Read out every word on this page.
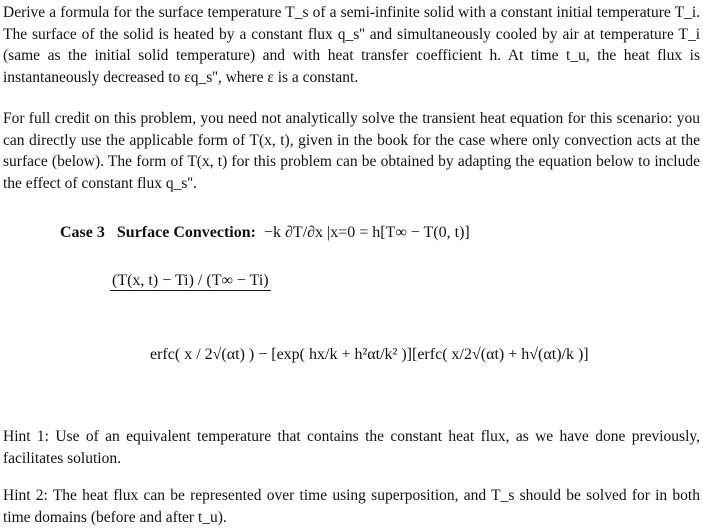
Derive a formula for the surface temperature T_s of a semi-infinite solid with a constant initial temperature T_i. The surface of the solid is heated by a constant flux q_s'' and simultaneously cooled by air at temperature T_i (same as the initial solid temperature) and with heat transfer coefficient h. At time t_u, the heat flux is instantaneously decreased to εq_s'', where ε is a constant.
For full credit on this problem, you need not analytically solve the transient heat equation for this scenario: you can directly use the applicable form of T(x, t), given in the book for the case where only convection acts at the surface (below). The form of T(x, t) for this problem can be obtained by adapting the equation below to include the effect of constant flux q_s''.
Case 3 Surface Convection: −k ∂T/∂x |x=0 = h[T∞ − T(0, t)]
(T(x, t) − Ti) / (T∞ − Ti)
erfc( x / 2√(αt) ) − [exp( hx/k + h²αt/k² )][erfc( x/2√(αt) + h√(αt)/k )]
Hint 1: Use of an equivalent temperature that contains the constant heat flux, as we have done previously, facilitates solution.
Hint 2: The heat flux can be represented over time using superposition, and T_s should be solved for in both time domains (before and after t_u).
